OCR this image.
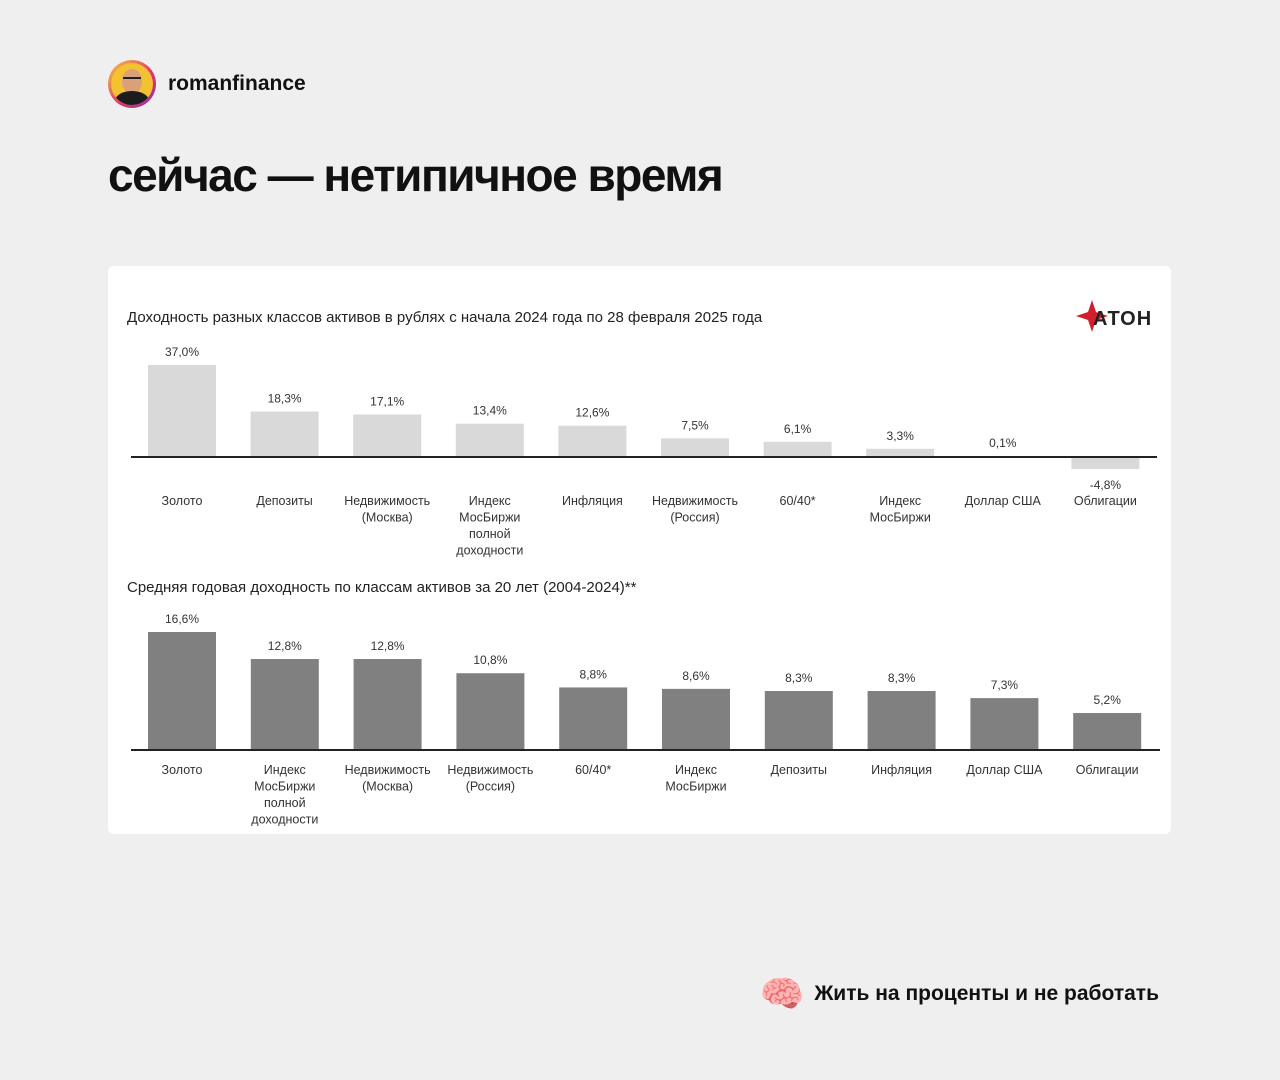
romanfinance
сейчас — нетипичное время
Доходность разных классов активов в рублях с начала 2024 года по 28 февраля 2025 года
Средняя годовая доходность по классам активов за 20 лет (2004-2024)**
АТОН
37,0%
Золото
18,3%
Депозиты
17,1%
Недвижимость (Москва)
13,4%
Индекс МосБиржи полной доходности
12,6%
Инфляция
7,5%
Недвижимость (Россия)
6,1%
60/40*
3,3%
Индекс МосБиржи
0,1%
Доллар США
-4,8%
Облигации
16,6%
Золото
12,8%
Индекс МосБиржи полной доходности
12,8%
Недвижимость (Москва)
10,8%
Недвижимость (Россия)
8,8%
60/40*
8,6%
Индекс МосБиржи
8,3%
Депозиты
8,3%
Инфляция
7,3%
Доллар США
5,2%
Облигации
🧠 Жить на проценты и не работать
